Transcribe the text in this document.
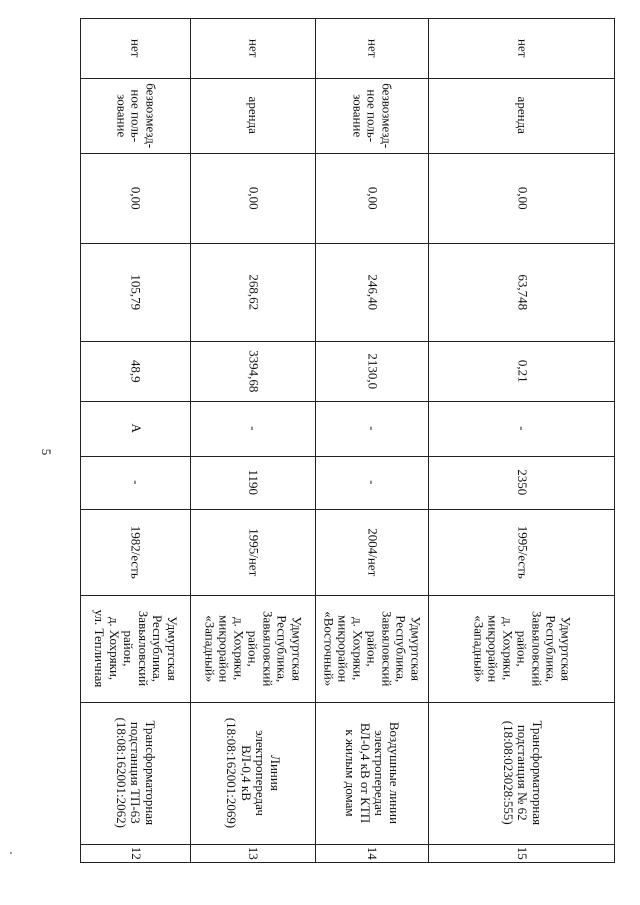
5
нет
безвозмезд-
ное поль-
зование
0,00
105,79
48,9
А
-
1982/есть
Удмуртская
Республика,
Завьяловский
район,
д. Хохряки,
ул. Тепличная
Трансформаторная
подстанция ТП-63
(18:08:162001:2062)
12
нет
аренда
0,00
268,62
3394,68
-
1190
1995/нет
Удмуртская
Республика,
Завьяловский
район,
д. Хохряки,
микрорайон
«Западный»
Линия
электропередач
ВЛ-0,4 кВ
(18:08:162001:2069)
13
нет
безвозмезд-
ное поль-
зование
0,00
246,40
2130,0
-
-
2004/нет
Удмуртская
Республика,
Завьяловский
район,
д. Хохряки,
микрорайон
«Восточный»
Воздушные линии
электропередач
ВЛ-0,4 кВ от КТП
к жилым домам
14
нет
аренда
0,00
63,748
0,21
-
2350
1995/есть
Удмуртская
Республика,
Завьяловский
район,
д. Хохряки,
микрорайон
«Западный»
Трансформаторная
подстанция № 62
(18:08:023028:555)
15
